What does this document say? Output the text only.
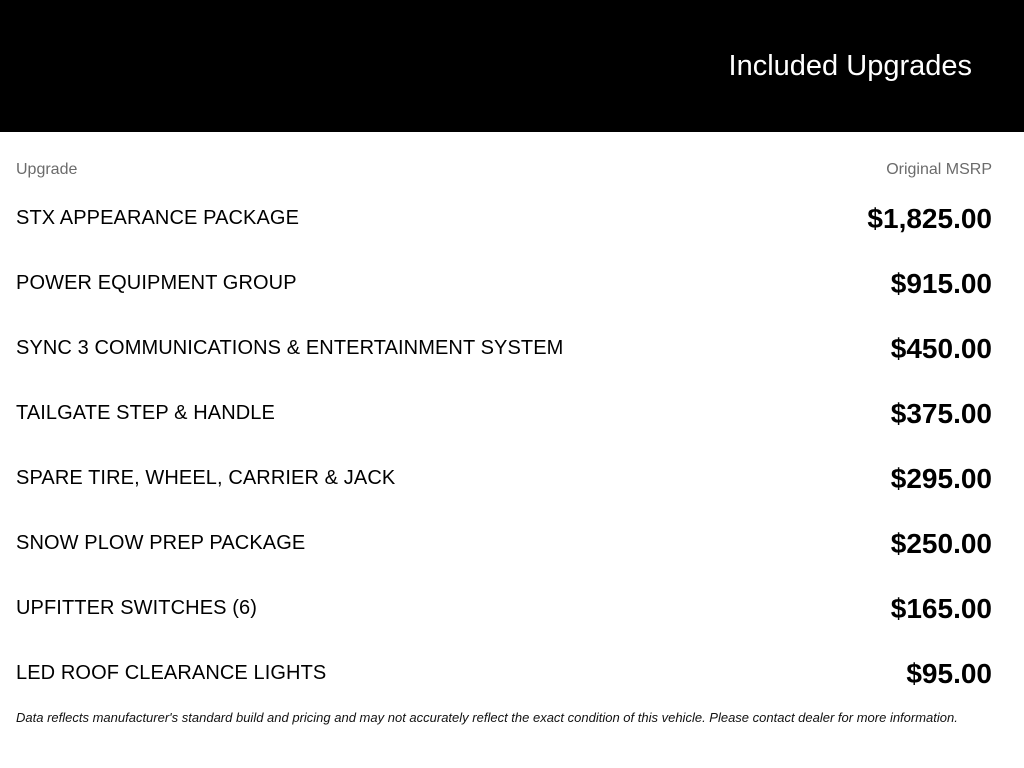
Included Upgrades
Upgrade	Original MSRP
STX APPEARANCE PACKAGE	$1,825.00
POWER EQUIPMENT GROUP	$915.00
SYNC 3 COMMUNICATIONS & ENTERTAINMENT SYSTEM	$450.00
TAILGATE STEP & HANDLE	$375.00
SPARE TIRE, WHEEL, CARRIER & JACK	$295.00
SNOW PLOW PREP PACKAGE	$250.00
UPFITTER SWITCHES (6)	$165.00
LED ROOF CLEARANCE LIGHTS	$95.00
Data reflects manufacturer's standard build and pricing and may not accurately reflect the exact condition of this vehicle. Please contact dealer for more information.
